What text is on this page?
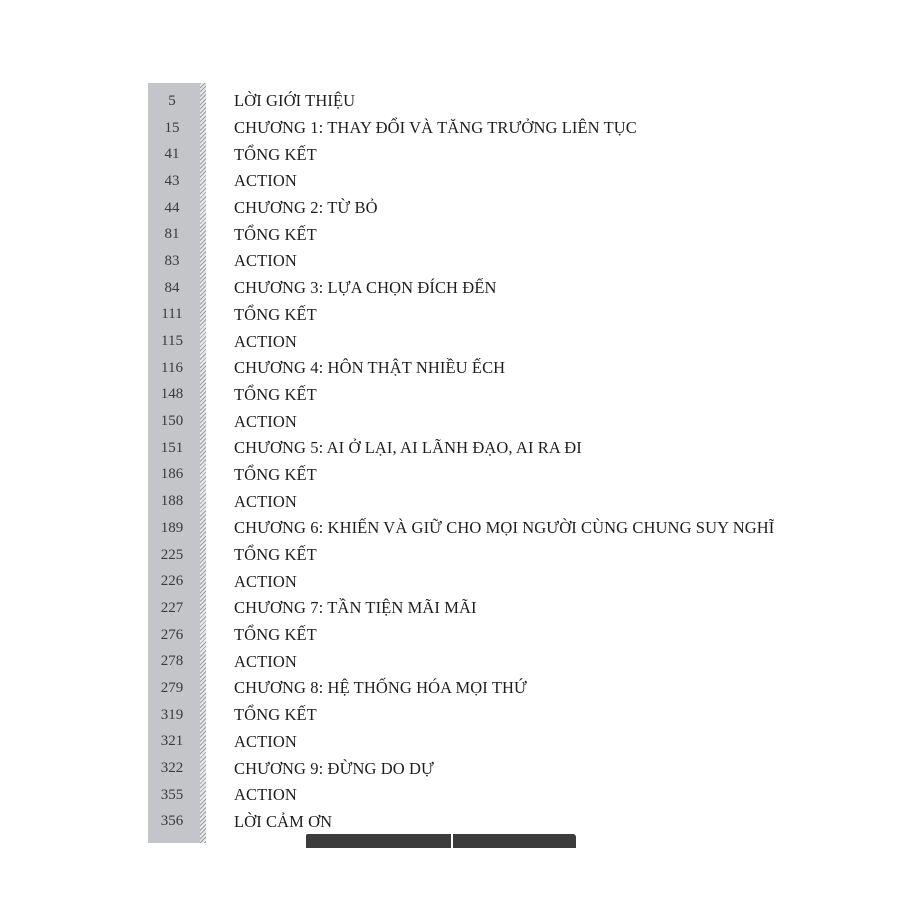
5	LỜI GIỚI THIỆU
15	CHƯƠNG 1: THAY ĐỔI VÀ TĂNG TRƯỞNG LIÊN TỤC
41	TỔNG KẾT
43	ACTION
44	CHƯƠNG 2: TỪ BỎ
81	TỔNG KẾT
83	ACTION
84	CHƯƠNG 3: LỰA CHỌN ĐÍCH ĐẾN
111	TỔNG KẾT
115	ACTION
116	CHƯƠNG 4: HÔN THẬT NHIỀU ẾCH
148	TỔNG KẾT
150	ACTION
151	CHƯƠNG 5: AI Ở LẠI, AI LÃNH ĐẠO, AI RA ĐI
186	TỔNG KẾT
188	ACTION
189	CHƯƠNG 6: KHIẾN VÀ GIỮ CHO MỌI NGƯỜI CÙNG CHUNG SUY NGHĨ
225	TỔNG KẾT
226	ACTION
227	CHƯƠNG 7: TẦN TIỆN MÃI MÃI
276	TỔNG KẾT
278	ACTION
279	CHƯƠNG 8: HỆ THỐNG HÓA MỌI THỨ
319	TỔNG KẾT
321	ACTION
322	CHƯƠNG 9: ĐỪNG DO DỰ
355	ACTION
356	LỜI CẢM ƠN
